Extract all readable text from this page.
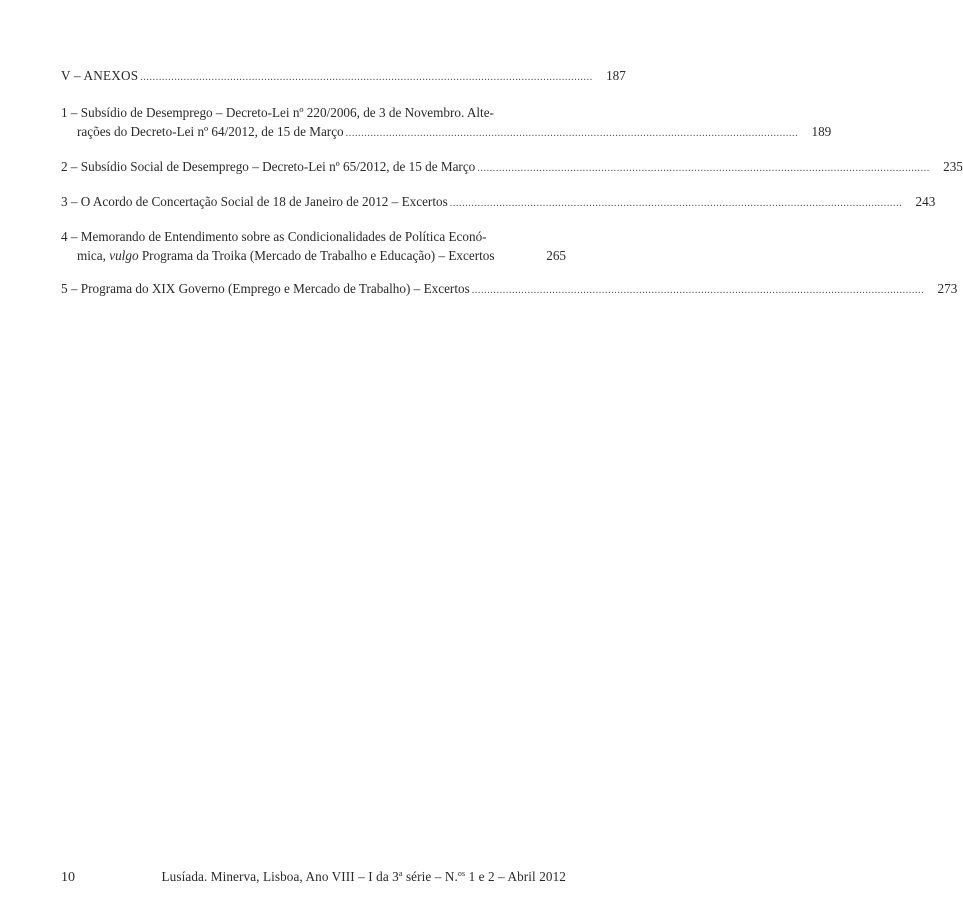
V – ANEXOS ..................................................................................................................................................	187
1 – Subsídio de Desemprego – Decreto-Lei nº 220/2006, de 3 de Novembro. Alte-
rações do Decreto-Lei nº 64/2012, de 15 de Março ..................................................................................................................................................	189
2 – Subsídio Social de Desemprego – Decreto-Lei nº 65/2012, de 15 de Março ..................................................................................................................................................	235
3 – O Acordo de Concertação Social de 18 de Janeiro de 2012 – Excertos ..................................................................................................................................................	243
4 – Memorando de Entendimento sobre as Condicionalidades de Política Econó-
mica, vulgo Programa da Troika (Mercado de Trabalho e Educação) – Excertos	265
5 – Programa do XIX Governo (Emprego e Mercado de Trabalho) – Excertos ..................................................................................................................................................	273
10	Lusíada. Minerva, Lisboa, Ano VIII – I da 3$^a$ série – N.$^{os}$ 1 e 2 – Abril 2012
